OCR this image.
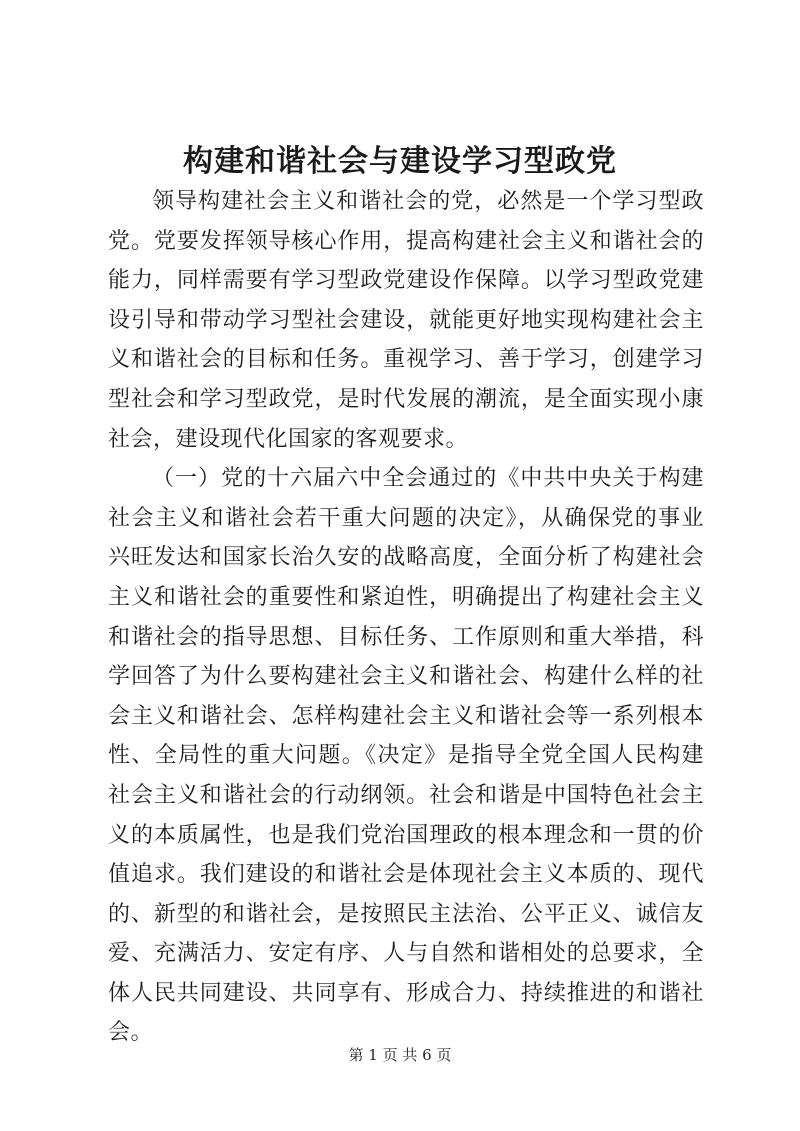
构建和谐社会与建设学习型政党

领导构建社会主义和谐社会的党，必然是一个学习型政党。党要发挥领导核心作用，提高构建社会主义和谐社会的能力，同样需要有学习型政党建设作保障。以学习型政党建设引导和带动学习型社会建设，就能更好地实现构建社会主义和谐社会的目标和任务。重视学习、善于学习，创建学习型社会和学习型政党，是时代发展的潮流，是全面实现小康社会，建设现代化国家的客观要求。

（一）党的十六届六中全会通过的《中共中央关于构建社会主义和谐社会若干重大问题的决定》，从确保党的事业兴旺发达和国家长治久安的战略高度，全面分析了构建社会主义和谐社会的重要性和紧迫性，明确提出了构建社会主义和谐社会的指导思想、目标任务、工作原则和重大举措，科学回答了为什么要构建社会主义和谐社会、构建什么样的社会主义和谐社会、怎样构建社会主义和谐社会等一系列根本性、全局性的重大问题。《决定》是指导全党全国人民构建社会主义和谐社会的行动纲领。社会和谐是中国特色社会主义的本质属性，也是我们党治国理政的根本理念和一贯的价值追求。我们建设的和谐社会是体现社会主义本质的、现代的、新型的和谐社会，是按照民主法治、公平正义、诚信友爱、充满活力、安定有序、人与自然和谐相处的总要求，全体人民共同建设、共同享有、形成合力、持续推进的和谐社会。

第 1 页 共 6 页
